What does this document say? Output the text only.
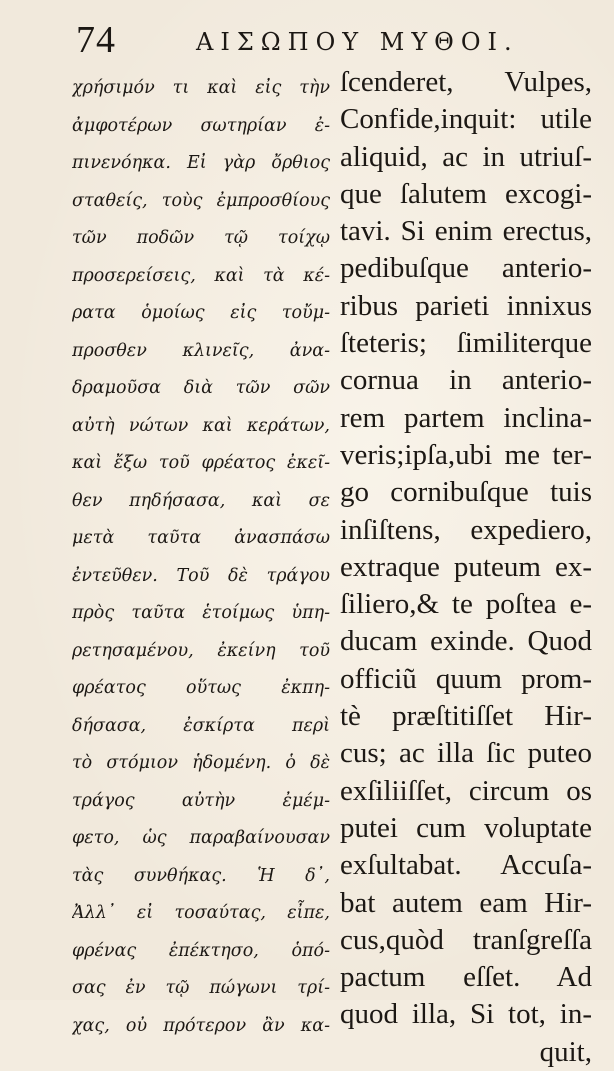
74	ΑΙΣΩΠΟΥ ΜΥΘΟΙ.
χρήσιμόν τι καὶ εἰς τὴν
ἀμφοτέρων σωτηρίαν ἐ-
πινενόηκα. Εἰ γὰρ ὄρθιος
σταθείς, τοὺς ἐμπροσθίους
τῶν ποδῶν τῷ τοίχῳ
προσερείσεις, καὶ τὰ κέ-
ρατα ὁμοίως εἰς τοὔμ-
προσθεν κλινεῖς, ἀνα-
δραμοῦσα διὰ τῶν σῶν
αὐτὴ νώτων καὶ κεράτων,
καὶ ἔξω τοῦ φρέατος ἐκεῖ-
θεν πηδήσασα, καὶ σε
μετὰ ταῦτα ἀνασπάσω
ἐντεῦθεν. Τοῦ δὲ τράγου
πρὸς ταῦτα ἑτοίμως ὑπη-
ρετησαμένου, ἐκείνη τοῦ
φρέατος οὕτως ἐκπη-
δήσασα, ἐσκίρτα περὶ
τὸ στόμιον ἡδομένη. ὁ δὲ
τράγος αὐτὴν ἐμέμ-
φετο, ὡς παραβαίνουσαν
τὰς συνθήκας. Ἡ δ᾽,
Ἀλλ᾽ εἰ τοσαύτας, εἶπε,
φρένας ἐπέκτησο, ὁπό-
σας ἐν τῷ πώγωνι τρί-
χας, οὐ πρότερον ἂν κα-
ſcenderet, Vulpes,
Confide,inquit: utile
aliquid, ac in utriuſ-
que ſalutem excogi-
tavi. Si enim erectus,
pedibuſque anterio-
ribus parieti innixus
ſteteris; ſimiliterque
cornua in anterio-
rem partem inclina-
veris;ipſa,ubi me ter-
go cornibuſque tuis
inſiſtens, expediero,
extraque puteum ex-
ſiliero,& te poſtea e-
ducam exinde. Quod
officiũ quum prom-
tè præſtitiſſet Hir-
cus; ac illa ſic puteo
exſiliiſſet, circum os
putei cum voluptate
exſultabat. Accuſa-
bat autem eam Hir-
cus,quòd tranſgreſſa
pactum eſſet. Ad
quod illa, Si tot, in-
quit,
